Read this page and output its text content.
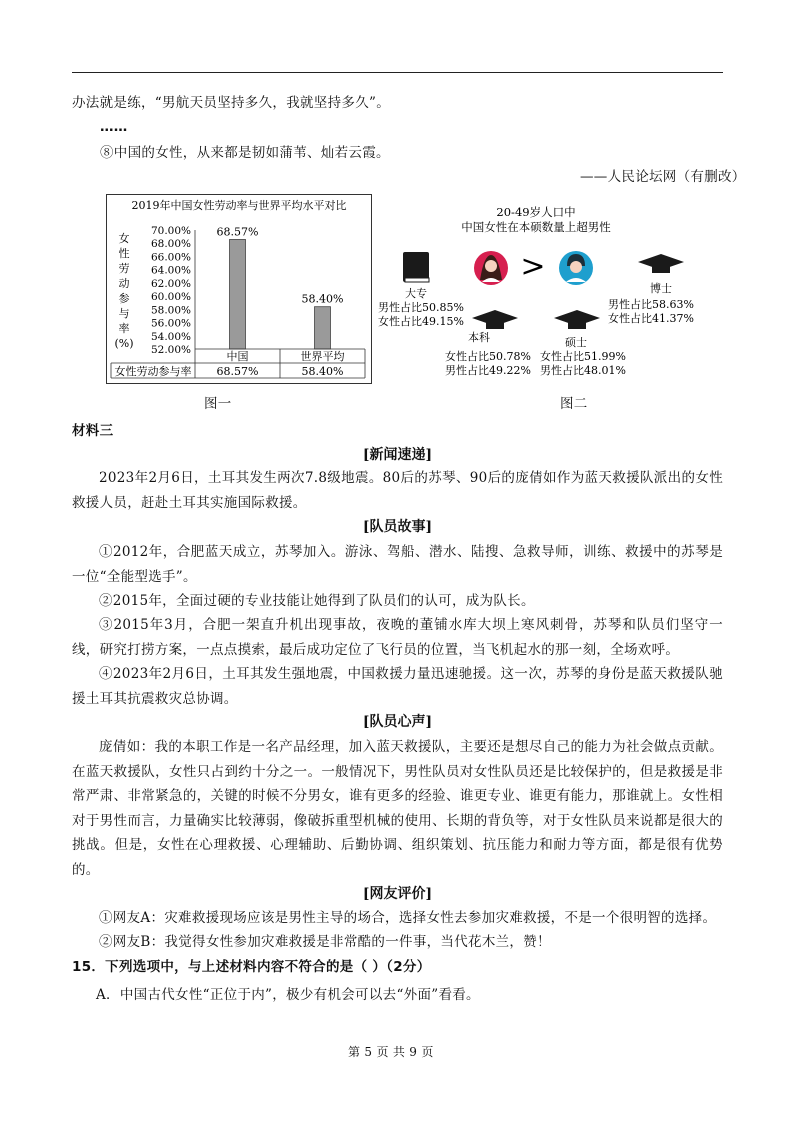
办法就是练，“男航天员坚持多久，我就坚持多久”。
……
⑧中国的女性，从来都是韧如蒲苇、灿若云霞。
——人民论坛网（有删改）
2019年中国女性劳动率与世界平均水平对比
女
性
劳
动
参
与
率
(%)
70.00%
68.00%
66.00%
64.00%
62.00%
60.00%
58.00%
56.00%
54.00%
52.00%
68.57%
58.40%
女性劳动参与率
中国
68.57%
世界平均
58.40%
图一
20-49岁人口中
中国女性在本硕数量上超男性
大专
男性占比50.85%
女性占比49.15%
>
博士
男性占比58.63%
女性占比41.37%
本科
女性占比50.78%
男性占比49.22%
硕士
女性占比51.99%
男性占比48.01%
图二
材料三
[新闻速递]
2023年2月6日，土耳其发生两次7.8级地震。80后的苏琴、90后的庞倩如作为蓝天救援队派出的女性救援人员，赶赴土耳其实施国际救援。
[队员故事]
①2012年，合肥蓝天成立，苏琴加入。游泳、驾船、潜水、陆搜、急救导师，训练、救援中的苏琴是一位“全能型选手”。
②2015年，全面过硬的专业技能让她得到了队员们的认可，成为队长。
③2015年3月，合肥一架直升机出现事故，夜晚的董铺水库大坝上寒风刺骨，苏琴和队员们坚守一线，研究打捞方案，一点点摸索，最后成功定位了飞行员的位置，当飞机起水的那一刻，全场欢呼。
④2023年2月6日，土耳其发生强地震，中国救援力量迅速驰援。这一次，苏琴的身份是蓝天救援队驰援土耳其抗震救灾总协调。
[队员心声]
庞倩如：我的本职工作是一名产品经理，加入蓝天救援队，主要还是想尽自己的能力为社会做点贡献。在蓝天救援队，女性只占到约十分之一。一般情况下，男性队员对女性队员还是比较保护的，但是救援是非常严肃、非常紧急的，关键的时候不分男女，谁有更多的经验、谁更专业、谁更有能力，那谁就上。女性相对于男性而言，力量确实比较薄弱，像破拆重型机械的使用、长期的背负等，对于女性队员来说都是很大的挑战。但是，女性在心理救援、心理辅助、后勤协调、组织策划、抗压能力和耐力等方面，都是很有优势的。
[网友评价]
①网友A：灾难救援现场应该是男性主导的场合，选择女性去参加灾难救援，不是一个很明智的选择。
②网友B：我觉得女性参加灾难救援是非常酷的一件事，当代花木兰，赞！
15．下列选项中，与上述材料内容不符合的是（ ）（2分）
A．中国古代女性“正位于内”，极少有机会可以去“外面”看看。
第 5 页 共 9 页
